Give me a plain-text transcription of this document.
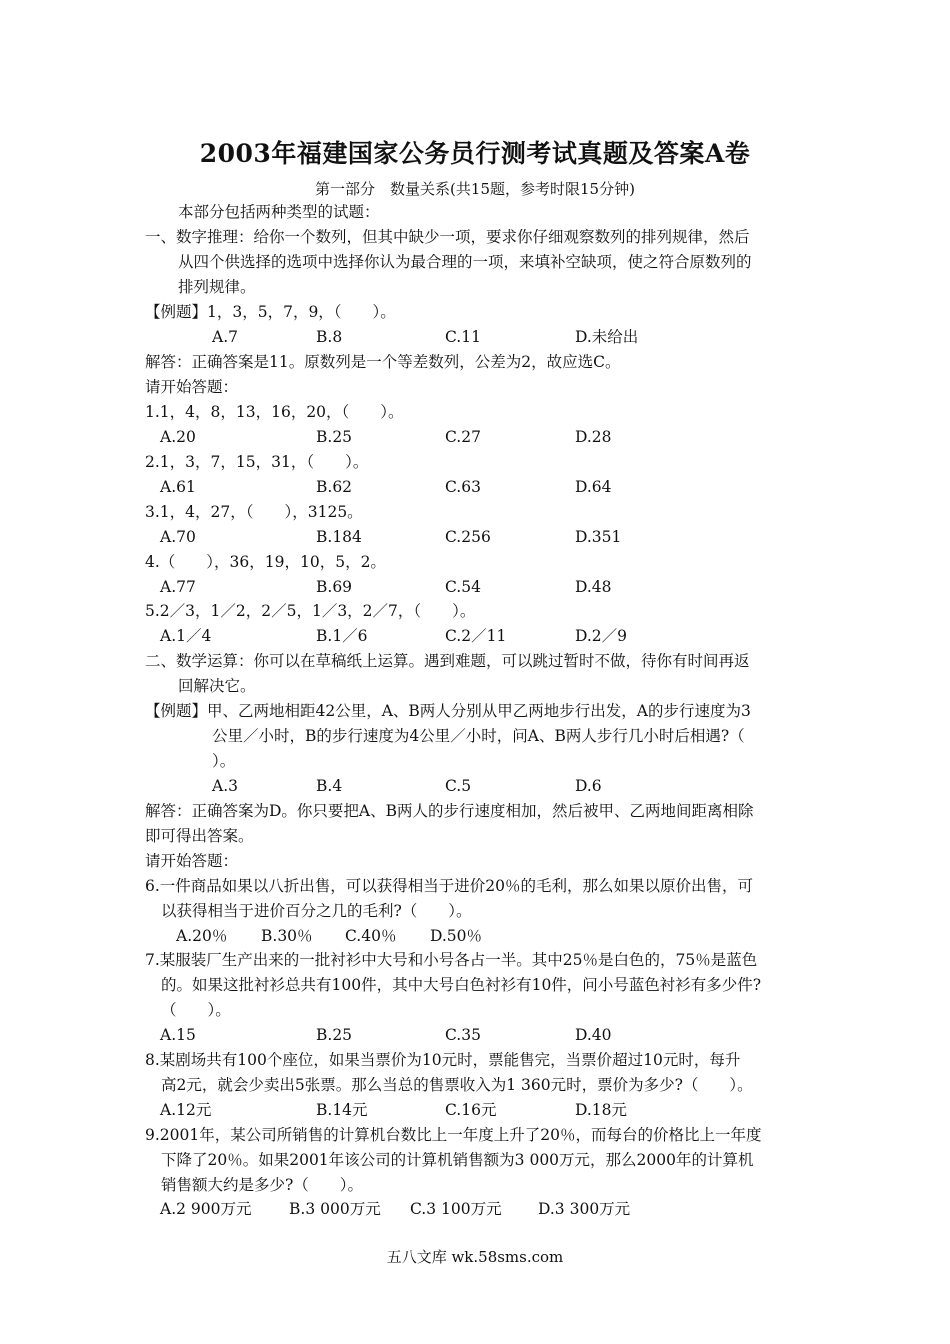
2003年福建国家公务员行测考试真题及答案A卷
第一部分　数量关系(共15题，参考时限15分钟)
本部分包括两种类型的试题：
一、数字推理：给你一个数列，但其中缺少一项，要求你仔细观察数列的排列规律，然后
从四个供选择的选项中选择你认为最合理的一项，来填补空缺项，使之符合原数列的
排列规律。
【例题】1，3，5，7，9，（　　）。
A.7	B.8	C.11	D.未给出
解答：正确答案是11。原数列是一个等差数列，公差为2，故应选C。
请开始答题：
1.1，4，8，13，16，20，（　　）。
A.20	B.25	C.27	D.28
2.1，3，7，15，31，（　　）。
A.61	B.62	C.63	D.64
3.1，4，27，（　　），3125。
A.70	B.184	C.256	D.351
4.（　　），36，19，10，5，2。
A.77	B.69	C.54	D.48
5.2／3，1／2，2／5，1／3，2／7，（　　）。
A.1／4	B.1／6	C.2／11	D.2／9
二、数学运算：你可以在草稿纸上运算。遇到难题，可以跳过暂时不做，待你有时间再返
回解决它。
【例题】甲、乙两地相距42公里，A、B两人分别从甲乙两地步行出发，A的步行速度为3
公里／小时，B的步行速度为4公里／小时，问A、B两人步行几小时后相遇?（
）。
A.3	B.4	C.5	D.6
解答：正确答案为D。你只要把A、B两人的步行速度相加，然后被甲、乙两地间距离相除
即可得出答案。
请开始答题：
6.一件商品如果以八折出售，可以获得相当于进价20％的毛利，那么如果以原价出售，可
以获得相当于进价百分之几的毛利?（　　）。
A.20％ B.30％ C.40％ D.50％
7.某服装厂生产出来的一批衬衫中大号和小号各占一半。其中25％是白色的，75％是蓝色
的。如果这批衬衫总共有100件，其中大号白色衬衫有10件，问小号蓝色衬衫有多少件?
（　　）。
A.15	B.25	C.35	D.40
8.某剧场共有100个座位，如果当票价为10元时，票能售完，当票价超过10元时，每升
高2元，就会少卖出5张票。那么当总的售票收入为1 360元时，票价为多少?（　　）。
A.12元	B.14元	C.16元	D.18元
9.2001年，某公司所销售的计算机台数比上一年度上升了20％，而每台的价格比上一年度
下降了20％。如果2001年该公司的计算机销售额为3 000万元，那么2000年的计算机
销售额大约是多少?（　　）。
A.2 900万元 B.3 000万元 C.3 100万元 D.3 300万元
五八文库 wk.58sms.com
